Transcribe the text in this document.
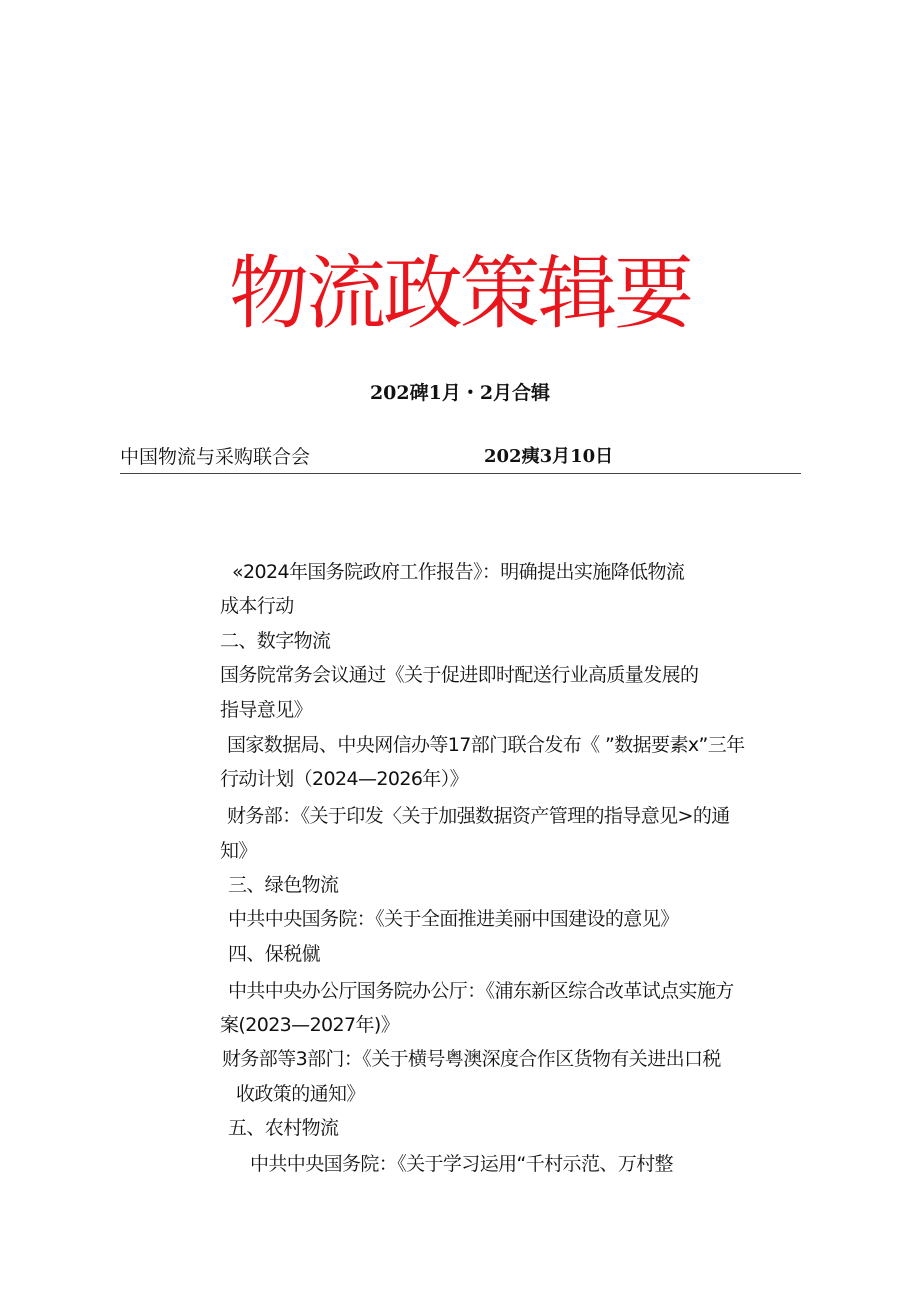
物流政策辑要
202碑1月・2月合辑
中国物流与采购联合会	202痍3月10日
«2024年国务院政府工作报告》：明确提出实施降低物流
成本行动
二、数字物流
国务院常务会议通过《关于促进即时配送行业高质量发展的
指导意见》
国家数据局、中央网信办等17部门联合发布《 ”数据要素x”三年
行动计划（2024—2026年）》
财务部：《关于印发〈关于加强数据资产管理的指导意见>的通
知》
三、绿色物流
中共中央国务院：《关于全面推进美丽中国建设的意见》
四、保税僦
中共中央办公厅国务院办公厅：《浦东新区综合改革试点实施方
案(2023—2027年)》
财务部等3部门：《关于横号粤澳深度合作区货物有关进出口税
收政策的通知》
五、农村物流
中共中央国务院：《关于学习运用“千村示范、万村整
